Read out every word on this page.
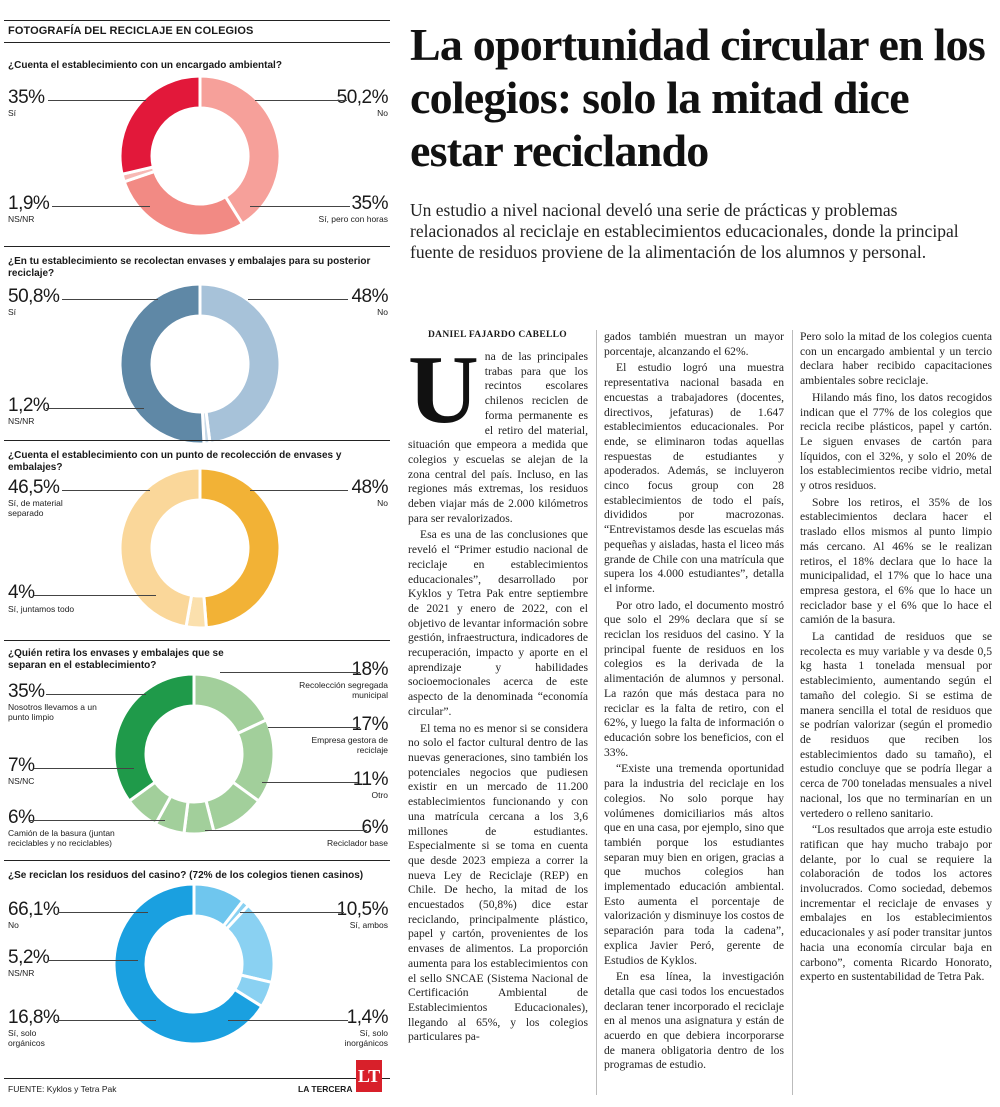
FOTOGRAFÍA DEL RECICLAJE EN COLEGIOS
¿Cuenta el establecimiento con un encargado ambiental?
35%
Sí
50,2%
No
1,9%
NS/NR
35%
Sí, pero con horas
¿En tu establecimiento se recolectan envases y embalajes para su posterior reciclaje?
50,8%
Sí
48%
No
1,2%
NS/NR
¿Cuenta el establecimiento con un punto de recolección de envases y embalajes?
46,5%
Sí, de material separado
48%
No
4%
Sí, juntamos todo
¿Quién retira los envases y embalajes que se separan en el establecimiento?
35%
Nosotros llevamos a un punto limpio
18%
Recolección segregada municipal
17%
Empresa gestora de reciclaje
7%
NS/NC	11%
Otro
6%
Camión de la basura (juntan reciclables y no reciclables)
6%
Reciclador base
¿Se reciclan los residuos del casino? (72% de los colegios tienen casinos)
66,1%
No
10,5%
Sí, ambos
5,2%
NS/NR
16,8%
Sí, solo orgánicos
1,4%
Sí, solo inorgánicos
FUENTE: Kyklos y Tetra Pak	LA TERCERA
LT
La oportunidad circular en los colegios: solo la mitad dice estar reciclando
Un estudio a nivel nacional develó una serie de prácticas y problemas relacionados al reciclaje en establecimientos educacionales, donde la principal fuente de residuos proviene de la alimentación de los alumnos y personal.
DANIEL FAJARDO CABELLO
U na de las principales trabas para que los recintos escolares chilenos reciclen de forma permanente es el retiro del material, situación que empeora a medida que colegios y escuelas se alejan de la zona central del país. Incluso, en las regiones más extremas, los residuos deben viajar más de 2.000 kilómetros para ser revalorizados.

Esa es una de las conclusiones que reveló el “Primer estudio nacional de reciclaje en establecimientos educacionales”, desarrollado por Kyklos y Tetra Pak entre septiembre de 2021 y enero de 2022, con el objetivo de levantar información sobre gestión, infraestructura, indicadores de recuperación, impacto y aporte en el aprendizaje y habilidades socioemocionales acerca de este aspecto de la denominada “economía circular”.

El tema no es menor si se considera no solo el factor cultural dentro de las nuevas generaciones, sino también los potenciales negocios que pudiesen existir en un mercado de 11.200 establecimientos funcionando y con una matrícula cercana a los 3,6 millones de estudiantes. Especialmente si se toma en cuenta que desde 2023 empieza a correr la nueva Ley de Reciclaje (REP) en Chile. De hecho, la mitad de los encuestados (50,8%) dice estar reciclando, principalmente plástico, papel y cartón, provenientes de los envases de alimentos. La proporción aumenta para los establecimientos con el sello SNCAE (Sistema Nacional de Certificación Ambiental de Establecimientos Educacionales), llegando al 65%, y los colegios particulares pa-

gados también muestran un mayor porcentaje, alcanzando el 62%.

El estudio logró una muestra representativa nacional basada en encuestas a trabajadores (docentes, directivos, jefaturas) de 1.647 establecimientos educacionales. Por ende, se eliminaron todas aquellas respuestas de estudiantes y apoderados. Además, se incluyeron cinco focus group con 28 establecimientos de todo el país, divididos por macrozonas. “Entrevistamos desde las escuelas más pequeñas y aisladas, hasta el liceo más grande de Chile con una matrícula que supera los 4.000 estudiantes”, detalla el informe.

Por otro lado, el documento mostró que solo el 29% declara que sí se reciclan los residuos del casino. Y la principal fuente de residuos en los colegios es la derivada de la alimentación de alumnos y personal. La razón que más destaca para no reciclar es la falta de retiro, con el 62%, y luego la falta de información o educación sobre los beneficios, con el 33%.

“Existe una tremenda oportunidad para la industria del reciclaje en los colegios. No solo porque hay volúmenes domiciliarios más altos que en una casa, por ejemplo, sino que también porque los estudiantes separan muy bien en origen, gracias a que muchos colegios han implementado educación ambiental. Esto aumenta el porcentaje de valorización y disminuye los costos de separación para toda la cadena”, explica Javier Peró, gerente de Estudios de Kyklos.

En esa línea, la investigación detalla que casi todos los encuestados declaran tener incorporado el reciclaje en al menos una asignatura y están de acuerdo en que debiera incorporarse de manera obligatoria dentro de los programas de estudio.

Pero solo la mitad de los colegios cuenta con un encargado ambiental y un tercio declara haber recibido capacitaciones ambientales sobre reciclaje.

Hilando más fino, los datos recogidos indican que el 77% de los colegios que recicla recibe plásticos, papel y cartón. Le siguen envases de cartón para líquidos, con el 32%, y solo el 20% de los establecimientos recibe vidrio, metal y otros residuos.

Sobre los retiros, el 35% de los establecimientos declara hacer el traslado ellos mismos al punto limpio más cercano. Al 46% se le realizan retiros, el 18% declara que lo hace la municipalidad, el 17% que lo hace una empresa gestora, el 6% que lo hace un reciclador base y el 6% que lo hace el camión de la basura.

La cantidad de residuos que se recolecta es muy variable y va desde 0,5 kg hasta 1 tonelada mensual por establecimiento, aumentando según el tamaño del colegio. Si se estima de manera sencilla el total de residuos que se podrían valorizar (según el promedio de residuos que reciben los establecimientos dado su tamaño), el estudio concluye que se podría llegar a cerca de 700 toneladas mensuales a nivel nacional, los que no terminarían en un vertedero o relleno sanitario.

“Los resultados que arroja este estudio ratifican que hay mucho trabajo por delante, por lo cual se requiere la colaboración de todos los actores involucrados. Como sociedad, debemos incrementar el reciclaje de envases y embalajes en los establecimientos educacionales y así poder transitar juntos hacia una economía circular baja en carbono”, comenta Ricardo Honorato, experto en sustentabilidad de Tetra Pak.
